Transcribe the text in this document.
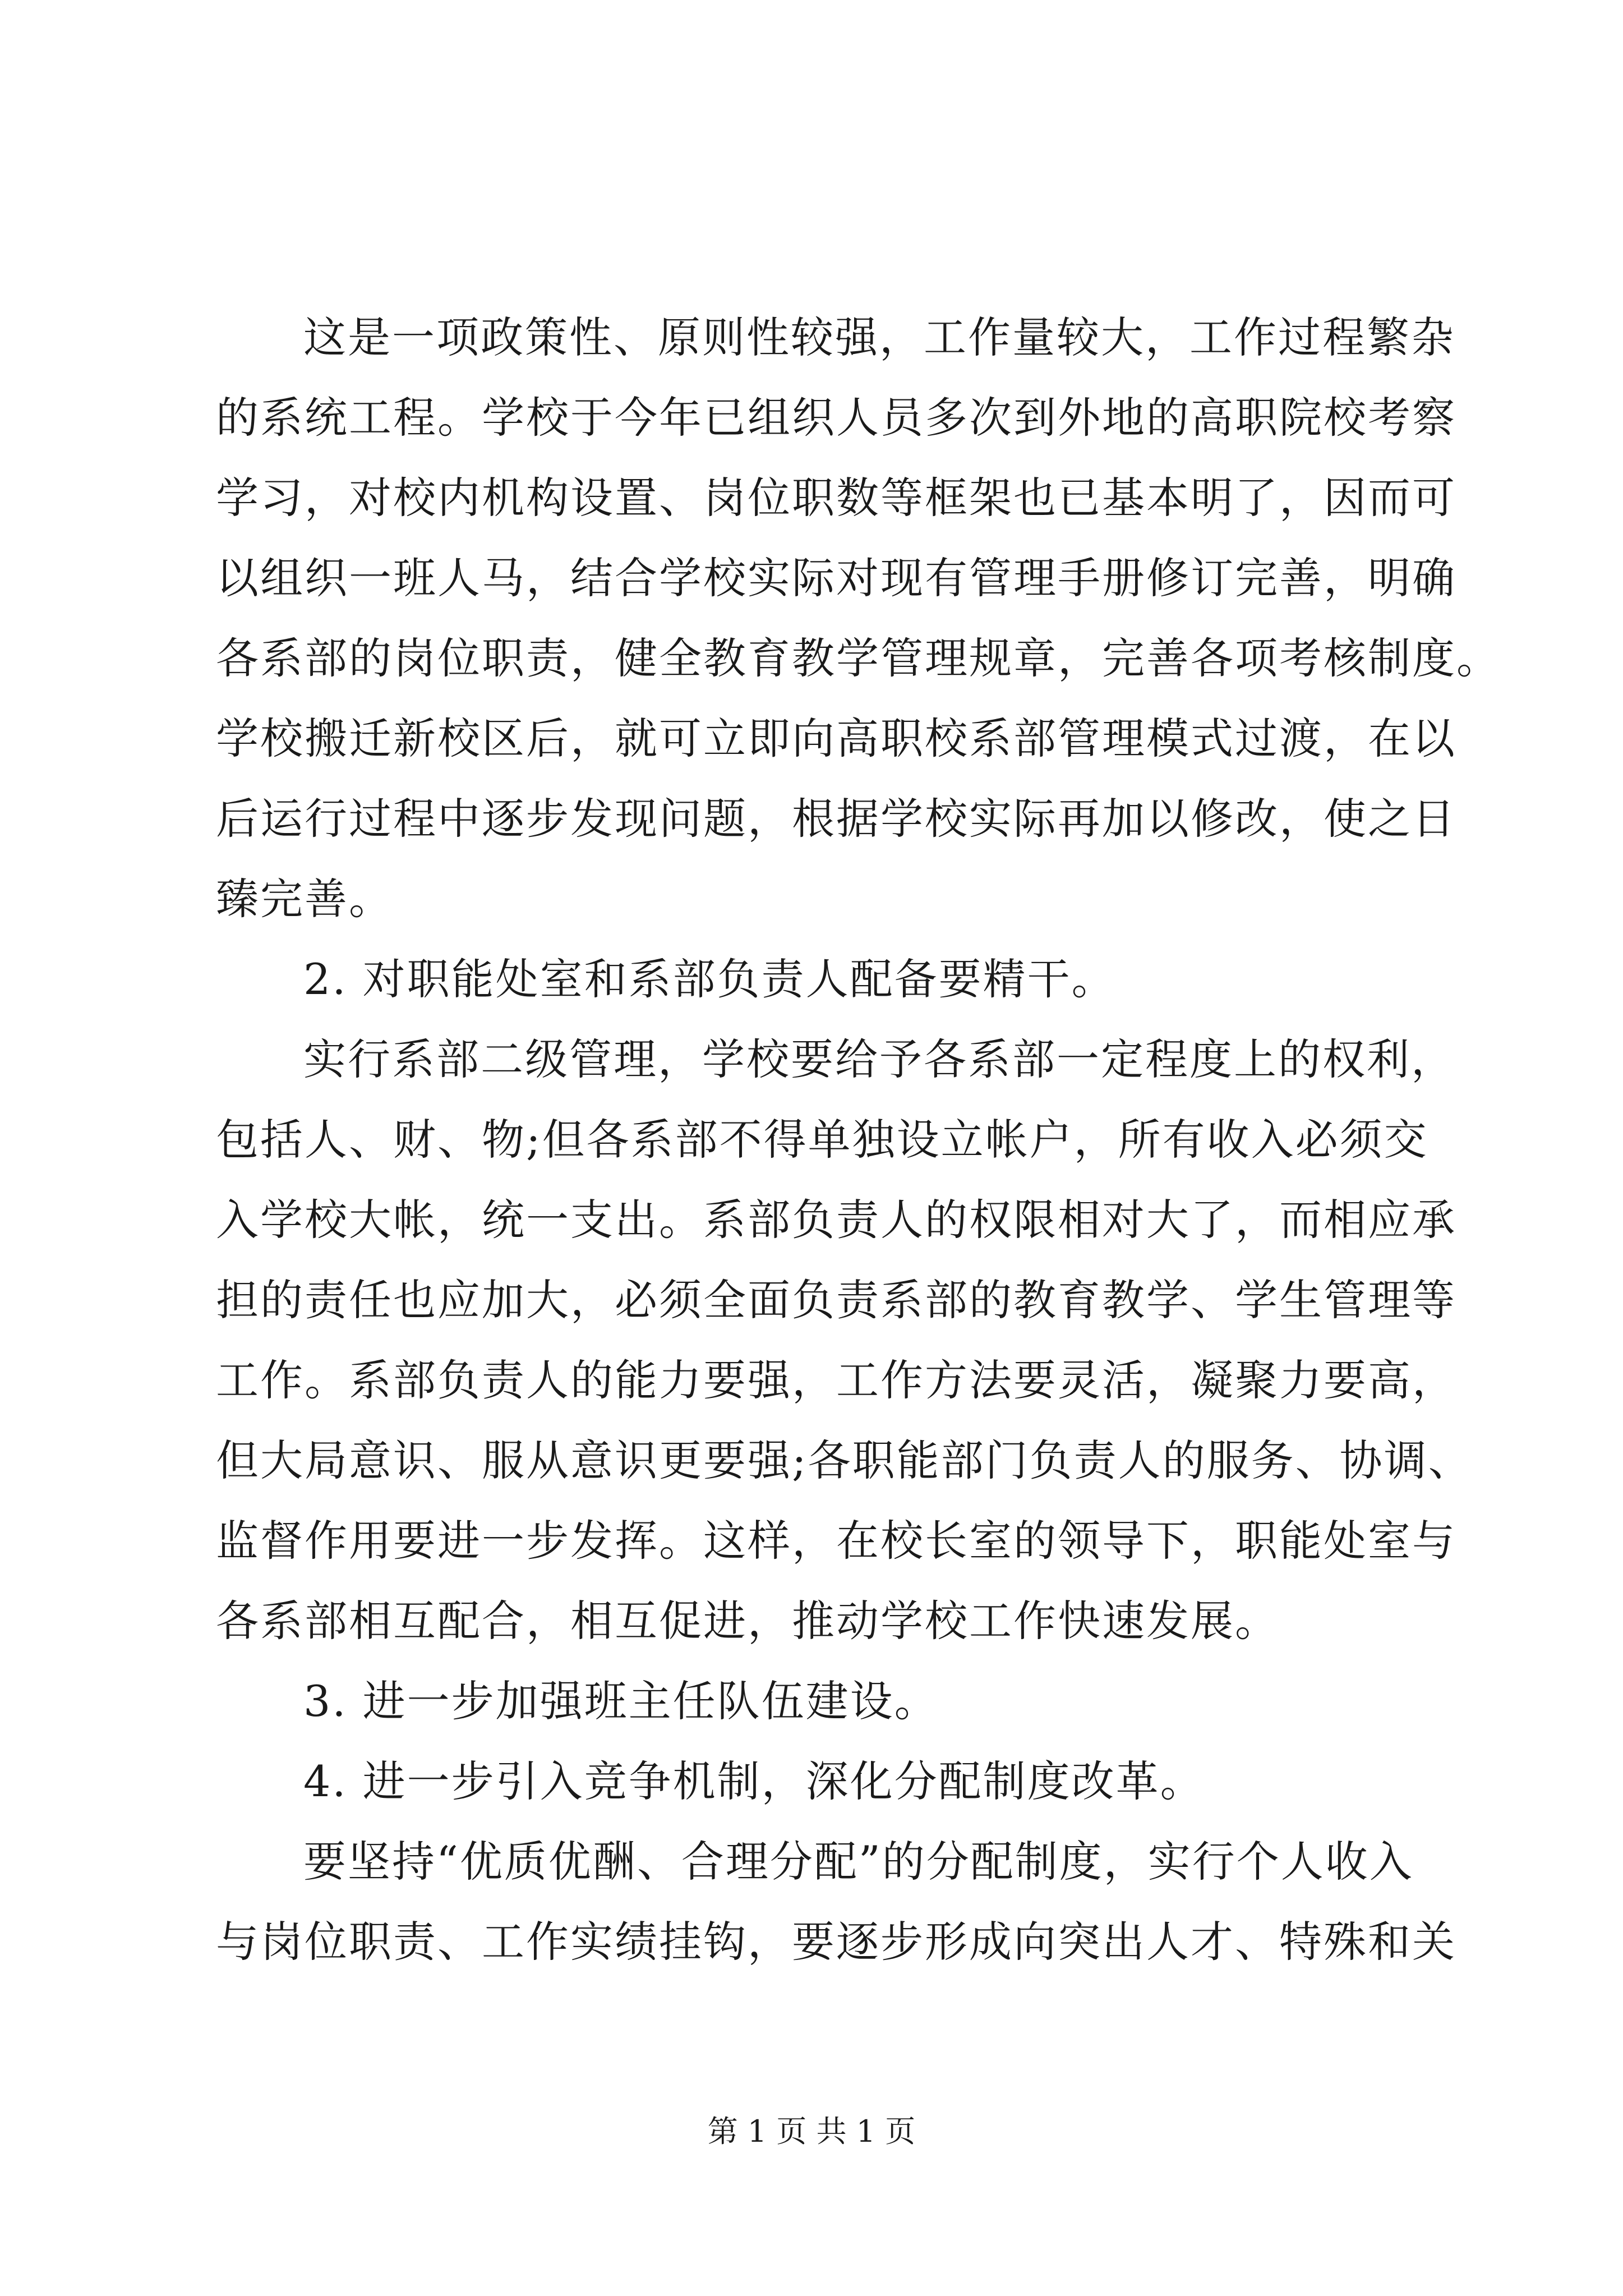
这是一项政策性、原则性较强，工作量较大，工作过程繁杂
的系统工程。学校于今年已组织人员多次到外地的高职院校考察
学习，对校内机构设置、岗位职数等框架也已基本明了，因而可
以组织一班人马，结合学校实际对现有管理手册修订完善，明确
各系部的岗位职责，健全教育教学管理规章，完善各项考核制度。
学校搬迁新校区后，就可立即向高职校系部管理模式过渡，在以
后运行过程中逐步发现问题，根据学校实际再加以修改，使之日
臻完善。
2. 对职能处室和系部负责人配备要精干。
实行系部二级管理，学校要给予各系部一定程度上的权利，
包括人、财、物;但各系部不得单独设立帐户，所有收入必须交
入学校大帐，统一支出。系部负责人的权限相对大了，而相应承
担的责任也应加大，必须全面负责系部的教育教学、学生管理等
工作。系部负责人的能力要强，工作方法要灵活，凝聚力要高，
但大局意识、服从意识更要强;各职能部门负责人的服务、协调、
监督作用要进一步发挥。这样，在校长室的领导下，职能处室与
各系部相互配合，相互促进，推动学校工作快速发展。
3. 进一步加强班主任队伍建设。
4. 进一步引入竞争机制，深化分配制度改革。
要坚持“优质优酬、合理分配”的分配制度，实行个人收入
与岗位职责、工作实绩挂钩，要逐步形成向突出人才、特殊和关
第 1 页 共 1 页
